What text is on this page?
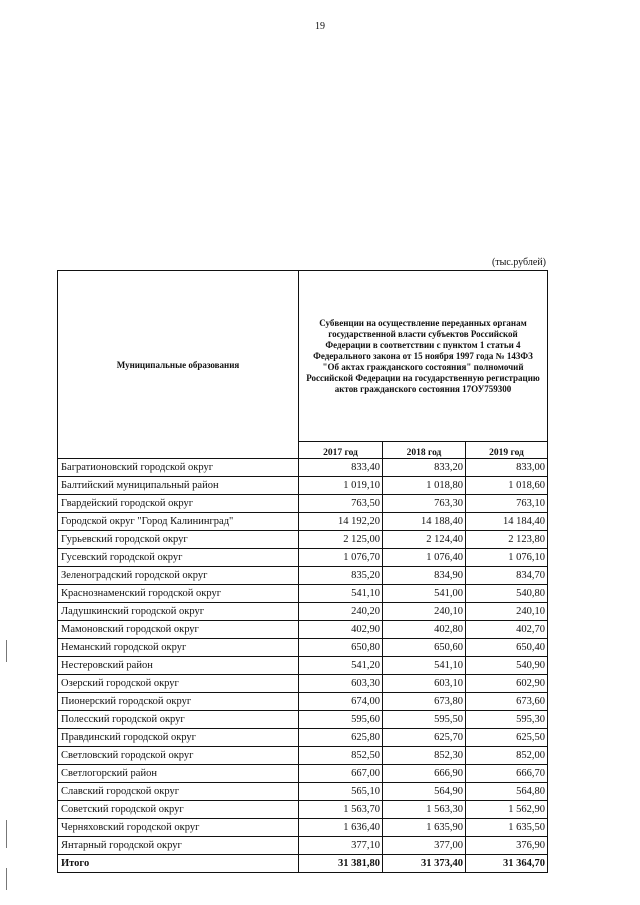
19
(тыс.рублей)
Муниципальные образования	Субвенции на осуществление переданных органам государственной власти субъектов Российской Федерации в соответствии с пунктом 1 статьи 4 Федерального закона от 15 ноября 1997 года № 143ФЗ "Об актах гражданского состояния" полномочий Российской Федерации на государственную регистрацию актов гражданского состояния 17ОУ759300		
	2017 год	2018 год	2019 год
Багратионовский городской округ	833,40	833,20	833,00
Балтийский муниципальный район	1 019,10	1 018,80	1 018,60
Гвардейский городской округ	763,50	763,30	763,10
Городской округ "Город Калининград"	14 192,20	14 188,40	14 184,40
Гурьевский городской округ	2 125,00	2 124,40	2 123,80
Гусевский городской округ	1 076,70	1 076,40	1 076,10
Зеленоградский городской округ	835,20	834,90	834,70
Краснознаменский городской округ	541,10	541,00	540,80
Ладушкинский городской округ	240,20	240,10	240,10
Мамоновский городской округ	402,90	402,80	402,70
Неманский городской округ	650,80	650,60	650,40
Нестеровский район	541,20	541,10	540,90
Озерский городской округ	603,30	603,10	602,90
Пионерский городской округ	674,00	673,80	673,60
Полесский городской округ	595,60	595,50	595,30
Правдинский городской округ	625,80	625,70	625,50
Светловский городской округ	852,50	852,30	852,00
Светлогорский район	667,00	666,90	666,70
Славский городской округ	565,10	564,90	564,80
Советский городской округ	1 563,70	1 563,30	1 562,90
Черняховский городской округ	1 636,40	1 635,90	1 635,50
Янтарный городской округ	377,10	377,00	376,90
Итого	31 381,80	31 373,40	31 364,70
